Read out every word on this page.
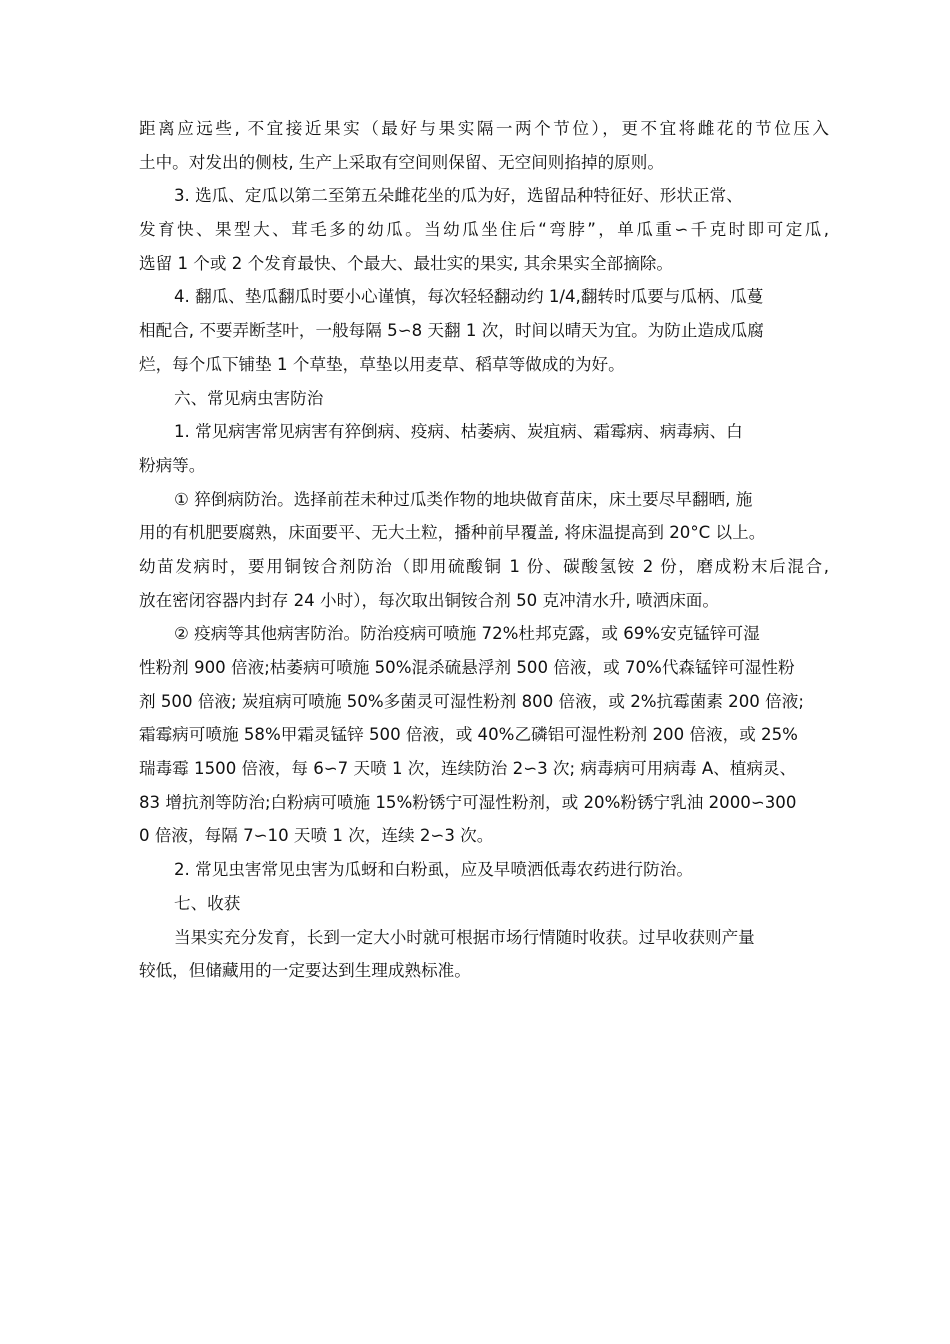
距离应远些, 不宜接近果实（最好与果实隔一两个节位），更不宜将雌花的节位压入
土中。对发出的侧枝, 生产上采取有空间则保留、无空间则掐掉的原则。
3. 选瓜、定瓜以第二至第五朵雌花坐的瓜为好，选留品种特征好、形状正常、
发育快、果型大、茸毛多的幼瓜。当幼瓜坐住后“弯脖”，单瓜重∽千克时即可定瓜,
选留 1 个或 2 个发育最快、个最大、最壮实的果实, 其余果实全部摘除。
4. 翻瓜、垫瓜翻瓜时要小心谨慎，每次轻轻翻动约 1/4,翻转时瓜要与瓜柄、瓜蔓
相配合, 不要弄断茎叶，一般每隔 5∽8 天翻 1 次，时间以晴天为宜。为防止造成瓜腐
烂，每个瓜下铺垫 1 个草垫，草垫以用麦草、稻草等做成的为好。
六、常见病虫害防治
1. 常见病害常见病害有猝倒病、疫病、枯萎病、炭疽病、霜霉病、病毒病、白
粉病等。
① 猝倒病防治。选择前茬未种过瓜类作物的地块做育苗床，床土要尽早翻晒, 施
用的有机肥要腐熟，床面要平、无大土粒，播种前早覆盖, 将床温提高到 20°C 以上。
幼苗发病时，要用铜铵合剂防治（即用硫酸铜 1 份、碳酸氢铵 2 份，磨成粉末后混合,
放在密闭容器内封存 24 小时），每次取出铜铵合剂 50 克冲清水升, 喷洒床面。
② 疫病等其他病害防治。防治疫病可喷施 72%杜邦克露，或 69%安克锰锌可湿
性粉剂 900 倍液;枯萎病可喷施 50%混杀硫悬浮剂 500 倍液，或 70%代森锰锌可湿性粉
剂 500 倍液; 炭疽病可喷施 50%多菌灵可湿性粉剂 800 倍液，或 2%抗霉菌素 200 倍液;
霜霉病可喷施 58%甲霜灵锰锌 500 倍液，或 40%乙磷铝可湿性粉剂 200 倍液，或 25%
瑞毒霉 1500 倍液，每 6∽7 天喷 1 次，连续防治 2∽3 次; 病毒病可用病毒 A、植病灵、
83 增抗剂等防治;白粉病可喷施 15%粉锈宁可湿性粉剂，或 20%粉锈宁乳油 2000∽300
0 倍液，每隔 7∽10 天喷 1 次，连续 2∽3 次。
2. 常见虫害常见虫害为瓜蚜和白粉虱，应及早喷洒低毒农药进行防治。
七、收获
当果实充分发育，长到一定大小时就可根据市场行情随时收获。过早收获则产量
较低，但储藏用的一定要达到生理成熟标准。
